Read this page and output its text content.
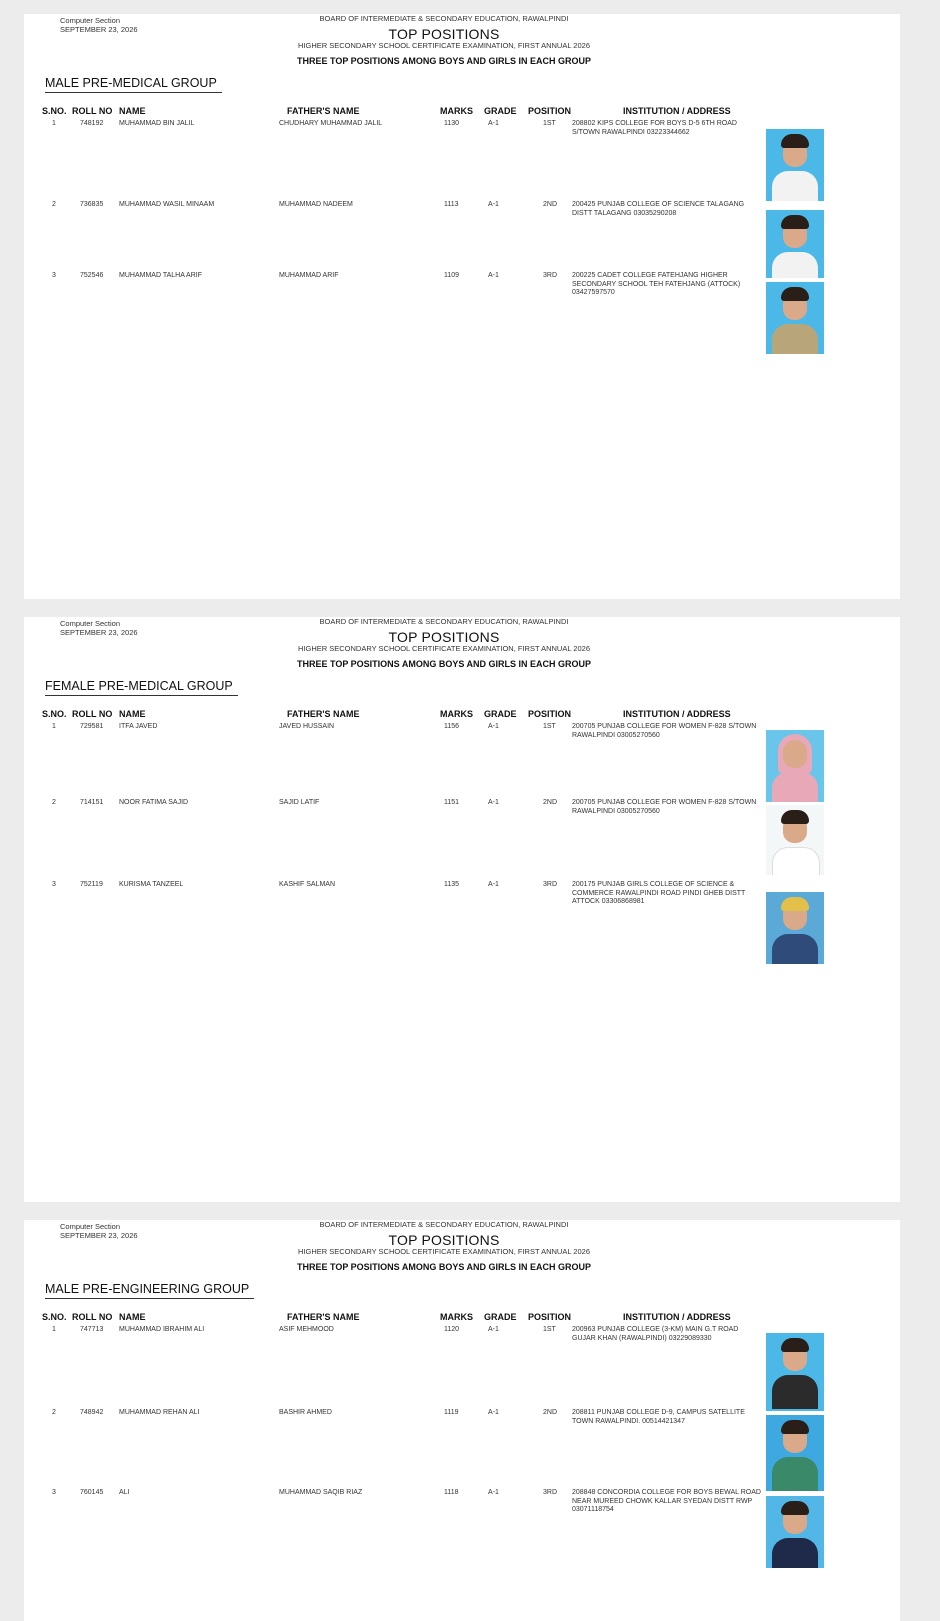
Computer Section
SEPTEMBER 23, 2026
BOARD OF INTERMEDIATE & SECONDARY EDUCATION, RAWALPINDI
TOP POSITIONS
HIGHER SECONDARY SCHOOL CERTIFICATE EXAMINATION, FIRST ANNUAL 2026
THREE TOP POSITIONS AMONG BOYS AND GIRLS IN EACH GROUP
MALE PRE-MEDICAL GROUP
S.NO. ROLL NO NAME	FATHER'S NAME	MARKS GRADE POSITION	INSTITUTION / ADDRESS
1	748192 MUHAMMAD BIN JALIL	CHUDHARY MUHAMMAD JALIL	1130	A-1	1ST 208802 KIPS COLLEGE FOR BOYS D-5 6TH ROAD S/TOWN RAWALPINDI 03223344662
2	736835 MUHAMMAD WASIL MINAAM	MUHAMMAD NADEEM	1113	A-1	2ND 200425 PUNJAB COLLEGE OF SCIENCE TALAGANG DISTT TALAGANG 03035290208
3	752546 MUHAMMAD TALHA ARIF	MUHAMMAD ARIF	1109	A-1	3RD 200225 CADET COLLEGE FATEHJANG HIGHER SECONDARY SCHOOL TEH FATEHJANG (ATTOCK) 03427597570
Computer Section
SEPTEMBER 23, 2026
BOARD OF INTERMEDIATE & SECONDARY EDUCATION, RAWALPINDI
TOP POSITIONS
HIGHER SECONDARY SCHOOL CERTIFICATE EXAMINATION, FIRST ANNUAL 2026
THREE TOP POSITIONS AMONG BOYS AND GIRLS IN EACH GROUP
FEMALE PRE-MEDICAL GROUP
S.NO. ROLL NO NAME	FATHER'S NAME	MARKS GRADE POSITION	INSTITUTION / ADDRESS
1	729581 ITFA JAVED	JAVED HUSSAIN	1156	A-1	1ST 200705 PUNJAB COLLEGE FOR WOMEN F-828 S/TOWN RAWALPINDI 03005270560
2	714151 NOOR FATIMA SAJID	SAJID LATIF	1151	A-1	2ND 200705 PUNJAB COLLEGE FOR WOMEN F-828 S/TOWN RAWALPINDI 03005270560
3	752119 KURISMA TANZEEL	KASHIF SALMAN	1135	A-1	3RD 200175 PUNJAB GIRLS COLLEGE OF SCIENCE & COMMERCE RAWALPINDI ROAD PINDI GHEB DISTT ATTOCK 03306868981
Computer Section
SEPTEMBER 23, 2026
BOARD OF INTERMEDIATE & SECONDARY EDUCATION, RAWALPINDI
TOP POSITIONS
HIGHER SECONDARY SCHOOL CERTIFICATE EXAMINATION, FIRST ANNUAL 2026
THREE TOP POSITIONS AMONG BOYS AND GIRLS IN EACH GROUP
MALE PRE-ENGINEERING GROUP
S.NO. ROLL NO NAME	FATHER'S NAME	MARKS GRADE POSITION	INSTITUTION / ADDRESS
1	747713 MUHAMMAD IBRAHIM ALI	ASIF MEHMOOD	1120	A-1	1ST 200963 PUNJAB COLLEGE (3-KM) MAIN G.T ROAD GUJAR KHAN (RAWALPINDI) 03229089330
2	748942 MUHAMMAD REHAN ALI	BASHIR AHMED	1119	A-1	2ND 208811 PUNJAB COLLEGE D-9, CAMPUS SATELLITE TOWN RAWALPINDI. 00514421347
3	760145 ALI	MUHAMMAD SAQIB RIAZ	1118	A-1	3RD 208848 CONCORDIA COLLEGE FOR BOYS BEWAL ROAD NEAR MUREED CHOWK KALLAR SYEDAN DISTT RWP 03071118754
